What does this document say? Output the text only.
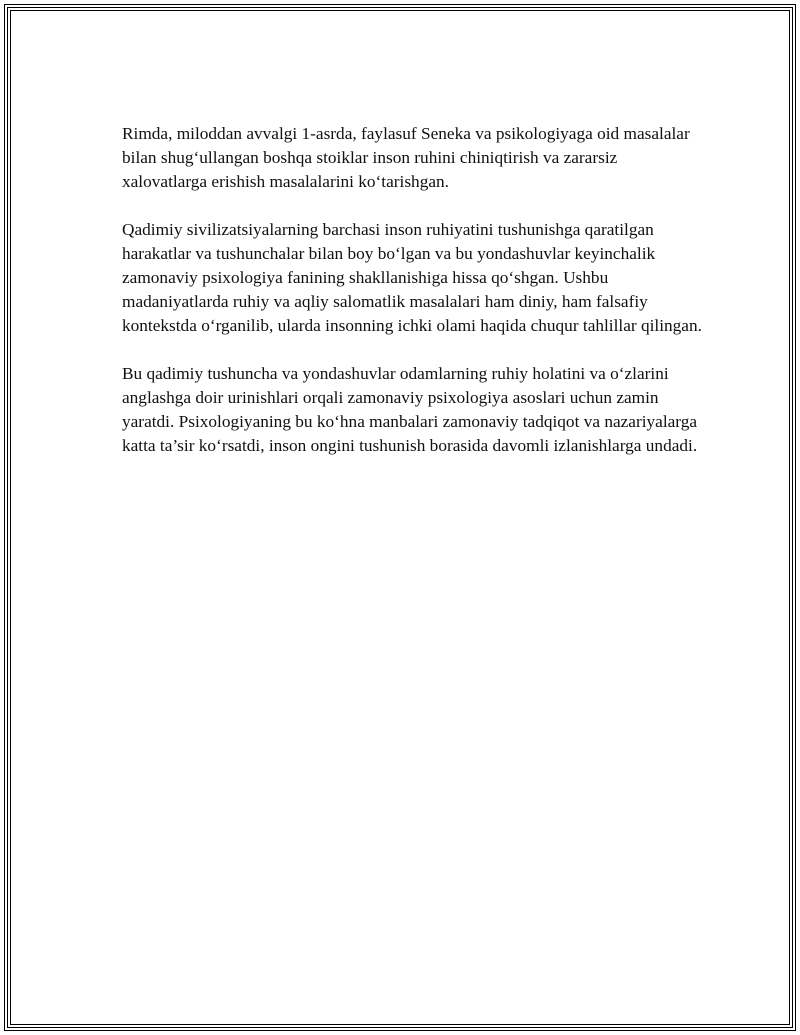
Rimda, miloddan avvalgi 1-asrda, faylasuf Seneka va psikologiyaga oid masalalar bilan shug‘ullangan boshqa stoiklar inson ruhini chiniqtirish va zararsiz xalovatlarga erishish masalalarini ko‘tarishgan.

Qadimiy sivilizatsiyalarning barchasi inson ruhiyatini tushunishga qaratilgan harakatlar va tushunchalar bilan boy bo‘lgan va bu yondashuvlar keyinchalik zamonaviy psixologiya fanining shakllanishiga hissa qo‘shgan. Ushbu madaniyatlarda ruhiy va aqliy salomatlik masalalari ham diniy, ham falsafiy kontekstda o‘rganilib, ularda insonning ichki olami haqida chuqur tahlillar qilingan.

Bu qadimiy tushuncha va yondashuvlar odamlarning ruhiy holatini va o‘zlarini anglashga doir urinishlari orqali zamonaviy psixologiya asoslari uchun zamin yaratdi. Psixologiyaning bu ko‘hna manbalari zamonaviy tadqiqot va nazariyalarga katta ta’sir ko‘rsatdi, inson ongini tushunish borasida davomli izlanishlarga undadi.
